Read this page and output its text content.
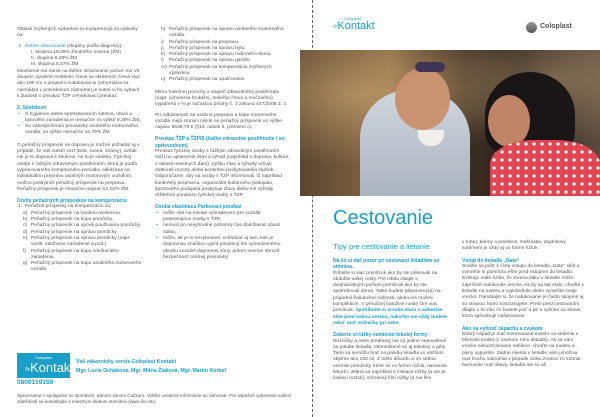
Oblasti zvýšených výdavkov sa kompenzujú za výdavky na:

1. Diétne stravovanie (skupiny podľa diagnózy):
I. skupina 18,56% životného minima (ŽM)
II. skupina 9,28% ŽM
III. skupina 5,57% ŽM

Ileostomik má nárok na diétne stravovanie počas' má VII. skupine syndróm krátkeho čreva so skrátením čreva viac ako 100 cm s prejavmi malabsorpcie (informácia sa nachádza v potvrdenom zázname) je nutné si ho vybaviť k žiadosti o preukaz ŤZP a Parkovací preukaz.

2. Súvislosti
• S hygienou alebo opotrebovaním šatstva, obuvi a bytového zariadenia je mesačne vo výške 9,28% ŽM,
• So zabezpečením prevádzky osobného motorového vozidla, vo výške mesačne 16,70% ŽM

O peňažný príspevok na dopravu je možné požiadať aj v prípade, že vás niekto vozí (brat, sused, známy), avšak nie je to doprava k lekárovi, na to je sanitka. Fyzickej osobe s ťažkým zdravotným postihnutím, ktorá je podľa vypracovaného komplexného posudku odkázaná na individuálnu prepravu osobným motorovým vozidlom, možno poskytnúť peňažný príspevok na prepravu. Peňažný príspevok je mesačne najviac 51,02% ŽM.

Druhy peňažných príspevkov na kompenzáciu
1. Peňažné príspevky na kompenzáciu sú:
a) Peňažný príspevok na osobnú asistenciu.
b) Peňažný príspevok na kúpu pomôcky.
c) Peňažný príspevok na výcvik používania pomôcky.
d) Peňažný príspevok na úpravu pomôcky
e) Peňažný príspevok na opravu pomôcky (napr. vozík, zdvíhacie zariadenie a pod.)
f) Peňažný príspevok na kúpu zdvíhacieho zariadenia.
g) Peňažný príspevok na kúpu osobného motorového vozidla.
h) Peňažný príspevok na úpravu osobného motorového vozidla.
i) Peňažný príspevok na prepravu.
j) Peňažný príspevok na úpravu bytu.
k) Peňažný príspevok na úpravu rodinného domu.
l) Peňažný príspevok na úpravu garáže.
m) Peňažný príspevok na kompenzáciu zvýšených výdavkov.
n) Peňažný príspevok na opatrovanie.

Mieru funkčnej poruchy a stupeň zdravotného postihnutia (napr. ochorenia hrubého, tenkého čreva a močového) vyjadrenú v % je súčasťou prílohy č. 3 zákona 447/2008 Z. z.

Pri odkázanosti na osobnú prepravu a kúpe motorového vozidla majú stomici nárok na peňažný príspevok vo výške najviac 6638,79 € (§14, odsek 6, písmeno c).

Preukaz ŤZP a ŤZP/S (ťažko zdravotne postihnutie / so sprievodcom)

Preukaz fyzickej osoby s ťažkým zdravotným postihnutím slúži na uplatnenie zliav a výhod (napríklad v doprave, kultúre, v oblasti miestnych daní). Výšku zliav a výhody určujú dotknuté rezorty alebo konkrétni poskytovatelia služieb. Odporúčame, aby sa osoby s ŤZP informovali, či napríklad konkrétny prepravca, organizátor kultúrneho podujatia, športového podujatia poskytuje zľavy alebo iné výhody držiteľom preukazu fyzickej osoby s ŤZP.

Osoba vlastniaca Parkovací preukaz
• môže stáť na mieste vyhradenom pre vozidlá prepravujúce osoby s ŤZP,
• nemusí po nevyhnutne potrebný čas dodržiavať zákaz státia,
• môže, ak je to nevyhnutné, vchádzať aj tam, kde je dopravnou značkou vjazd povolený len vymedzenému okruhu vozidiel dopravnej zóny, pritom nesmie ohroziť bezpečnosť cestnej premávky.
Coloplast
≈Kontakt
0800159159
Váš zákaznícky servis Coloplast Kontakt
Mgr. Lucia Ochabová, Mgr. Mária Žiaková, Mgr. Martin Korbeľ
Spracované v spolupráci so stomikom, pánom Jánom Čačkom. Vyššie uvedené informácie sú rámcové. Pre úspešné vybavenie vašich záležitostí sa kontaktujte s miestnym klubom stomikov (www.ilco.sk).
Coloplast
≈Kontakt	Coloplast
Cestovanie
Tipy pre cestovanie a lietanie
Na čo si dať pozor pri cestovaní lietadlom so stómiou.

Pribaľte si viac pomôcok ako by ste plánovali na obdobie vašej cesty. Pre istotu rátajte s dvojnásobným počtom pomôcok ako by ste spotrebovali doma. Takto budete pripravený(á) na prípadné žalúdočné ťažkosti, alebo iné možné komplikácie. V príručnej batožine noste čím viac pomôcok. Vystrihnite si vrecká otvor v adhezíve ešte pred vašou cestou, nakoľko nie vždy budete môcť mať nožničky pri sebe.

Zoberte si rúžky namiesto tekutej formy

Nožničky a ostré predmety nie sú jediné nepovolené na palube lietadla. Obmedzené sú aj tekutiny a gély. Tieto sa nemôžu brať na palubu lietadla vo väčšom objeme ako 100 ml. Z tohto dôvodu si so sebou vezmite pomôcky, ktoré sú vo forme rúžok, namiesto tekutín. Jedná sa napríklad o čistiace rúžky (a nie je čistiaci roztok), ochranný film rúžky (a nie film

v tube), krémy a podobne. Našťastie, doplnkový sortiment je vždy aj vo forme rúžok.

Vstup do lietadla „Gate“

Snažte sa prísť k číslu vstupu do lietadla „Gate“ skôr a vymeňte si pomôcku ešte pred vstupom do lietadla. Existuje malé riziko, že zmena tlaku v lietadle môže zapríčiniť nafúknutie vrecka. Ak by sa tak stalo, choďte v lietadle na toaletu a vyprázdnite alebo vymeňte svoje vrecko. Pamätajte si, že nafukovanie je často spojené aj so stravou, ktorú konzumujete. Preto pred cestovaním dbajte o to viac čo budete jesť a piť a vyhnite sa strave, ktorá spôsobuje nafukovanie.

Ako sa vyhnúť zápachu a zvukom

Dobrý nápad je mať rezervované miesto na sedenie v blízkosti toaliet (v zadnom rohu lietadla). Ak sa vám vrecko nekontrolovane nafúkne, choďte na toaletu a plyny vypustite. Zadné miesta v lietadle vám umožnia mať trochu súkromia v prípade úniku zvukov zo stómie. Nemusíte mať obavy, lietadlá nie sú až
